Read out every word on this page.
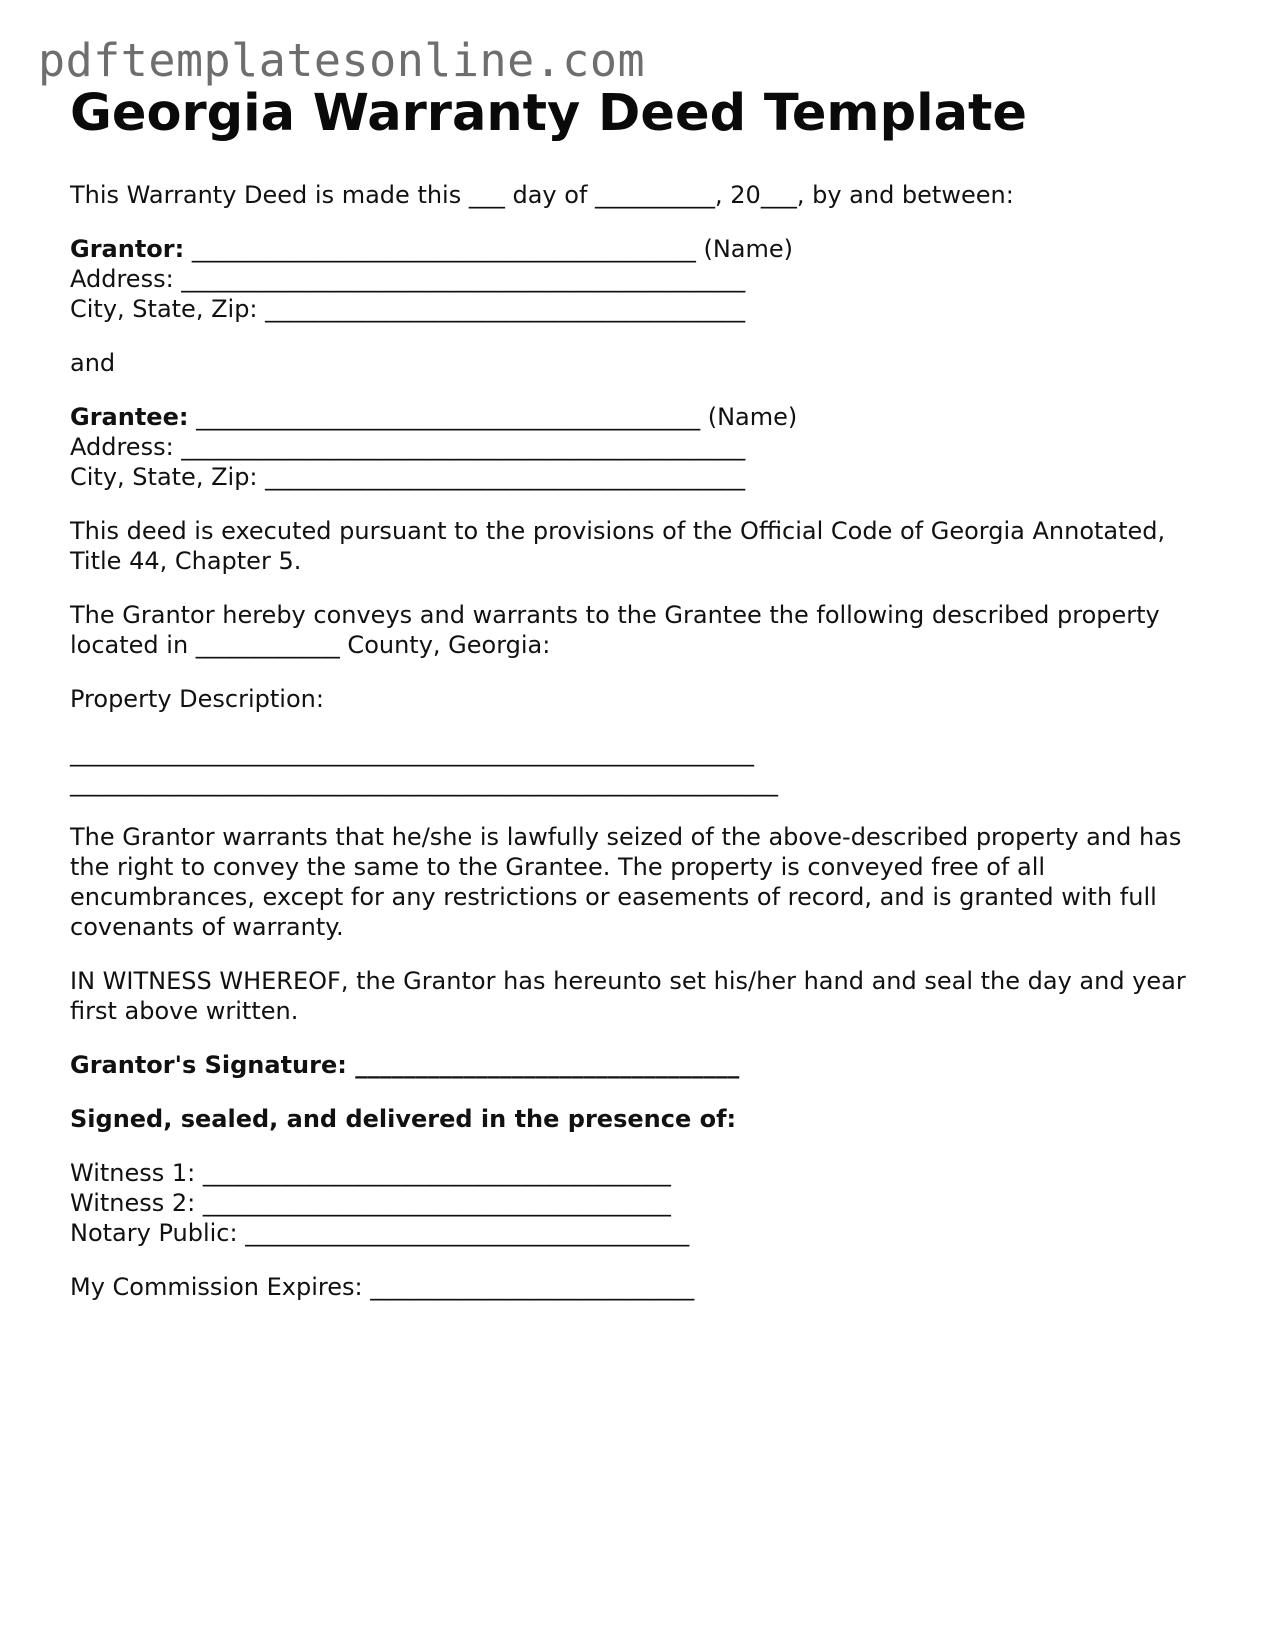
pdftemplatesonline.com
Georgia Warranty Deed Template

This Warranty Deed is made this ___ day of __________, 20___, by and between:

Grantor: __________________________________________ (Name)
Address: _______________________________________________
City, State, Zip: ________________________________________

and

Grantee: __________________________________________ (Name)
Address: _______________________________________________
City, State, Zip: ________________________________________

This deed is executed pursuant to the provisions of the Official Code of Georgia Annotated, Title 44, Chapter 5.

The Grantor hereby conveys and warrants to the Grantee the following described property located in ____________ County, Georgia:

Property Description:
_________________________________________________________
___________________________________________________________

The Grantor warrants that he/she is lawfully seized of the above-described property and has the right to convey the same to the Grantee. The property is conveyed free of all encumbrances, except for any restrictions or easements of record, and is granted with full covenants of warranty.

IN WITNESS WHEREOF, the Grantor has hereunto set his/her hand and seal the day and year first above written.

Grantor's Signature: ________________________________

Signed, sealed, and delivered in the presence of:

Witness 1: _______________________________________
Witness 2: _______________________________________
Notary Public: _____________________________________
My Commission Expires: ___________________________
